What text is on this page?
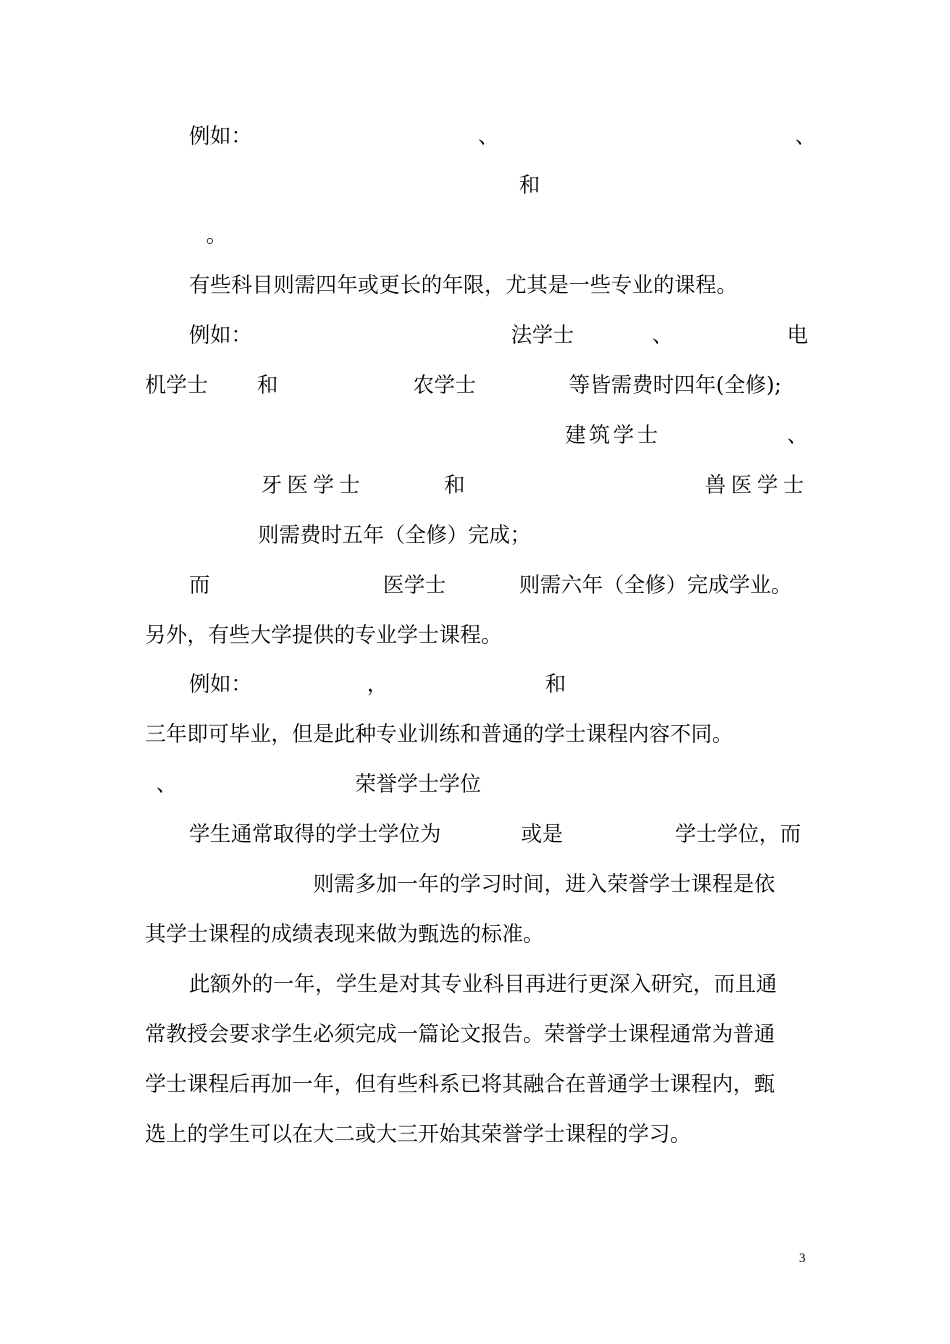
例如：	、	、
和
。
有些科目则需四年或更长的年限，尤其是一些专业的课程。
例如：	法学士	、	电
机学士 和	农学士	等皆需费时四年(全修);
建筑学士	、
牙医学士	和	兽医学士
则需费时五年（全修）完成；
而	医学士	则需六年（全修）完成学业。
另外，有些大学提供的专业学士课程。
例如：	，	和
三年即可毕业，但是此种专业训练和普通的学士课程内容不同。
、	荣誉学士学位
学生通常取得的学士学位为	或是	学士学位，而
则需多加一年的学习时间，进入荣誉学士课程是依
其学士课程的成绩表现来做为甄选的标准。
此额外的一年，学生是对其专业科目再进行更深入研究，而且通
常教授会要求学生必须完成一篇论文报告。荣誉学士课程通常为普通
学士课程后再加一年，但有些科系已将其融合在普通学士课程内，甄
选上的学生可以在大二或大三开始其荣誉学士课程的学习。
3
